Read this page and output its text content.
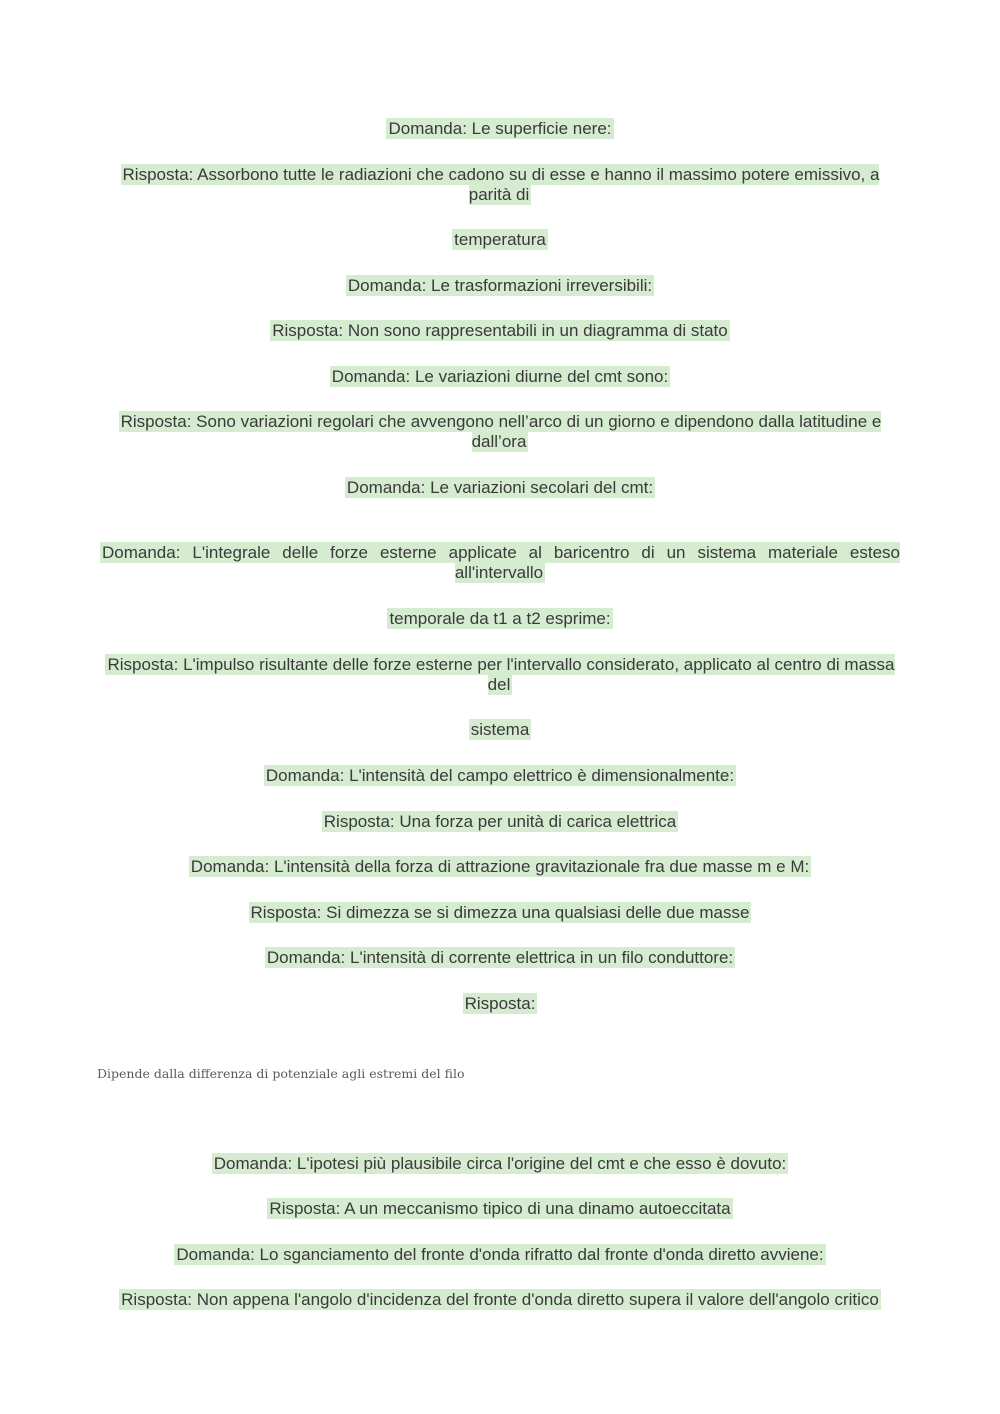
Domanda: Le superficie nere:
Risposta: Assorbono tutte le radiazioni che cadono su di esse e hanno il massimo potere emissivo, a parità di
temperatura
Domanda: Le trasformazioni irreversibili:
Risposta: Non sono rappresentabili in un diagramma di stato
Domanda: Le variazioni diurne del cmt sono:
Risposta: Sono variazioni regolari che avvengono nell’arco di un giorno e dipendono dalla latitudine e dall’ora
Domanda: Le variazioni secolari del cmt:
Domanda: L'integrale delle forze esterne applicate al baricentro di un sistema materiale esteso all'intervallo
temporale da t1 a t2 esprime:
Risposta: L'impulso risultante delle forze esterne per l'intervallo considerato, applicato al centro di massa del
sistema
Domanda: L'intensità del campo elettrico è dimensionalmente:
Risposta: Una forza per unità di carica elettrica
Domanda: L'intensità della forza di attrazione gravitazionale fra due masse m e M:
Risposta: Si dimezza se si dimezza una qualsiasi delle due masse
Domanda: L'intensità di corrente elettrica in un filo conduttore:
Risposta:
Dipende dalla differenza di potenziale agli estremi del filo
Domanda: L'ipotesi più plausibile circa l'origine del cmt e che esso è dovuto:
Risposta: A un meccanismo tipico di una dinamo autoeccitata
Domanda: Lo sganciamento del fronte d'onda rifratto dal fronte d'onda diretto avviene:
Risposta: Non appena l'angolo d'incidenza del fronte d'onda diretto supera il valore dell'angolo critico
